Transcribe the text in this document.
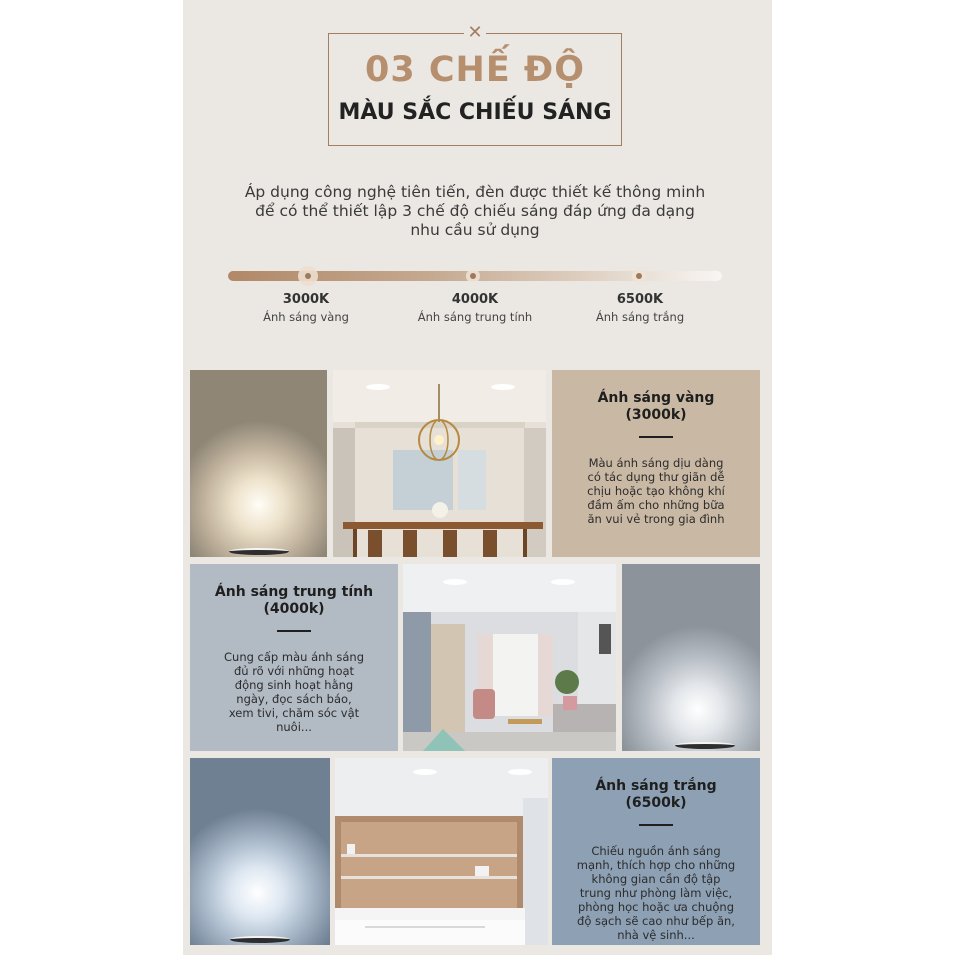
✕
03 CHẾ ĐỘ
MÀU SẮC CHIẾU SÁNG

Áp dụng công nghệ tiên tiến, đèn được thiết kế thông minh để có thể thiết lập 3 chế độ chiếu sáng đáp ứng đa dạng nhu cầu sử dụng

3000K
Ánh sáng vàng
4000K
Ánh sáng trung tính
6500K
Ánh sáng trắng
Ánh sáng vàng
(3000k)
Màu ánh sáng dịu dàng có tác dụng thư giãn dễ chịu hoặc tạo không khí đầm ấm cho những bữa ăn vui vẻ trong gia đình
Ánh sáng trung tính
(4000k)
Cung cấp màu ánh sáng đủ rõ với những hoạt động sinh hoạt hằng ngày, đọc sách báo, xem tivi, chăm sóc vật nuôi...
Ánh sáng trắng
(6500k)
Chiếu nguồn ánh sáng mạnh, thích hợp cho những không gian cần độ tập trung như phòng làm việc, phòng học hoặc ưa chuộng độ sạch sẽ cao như bếp ăn, nhà vệ sinh...
